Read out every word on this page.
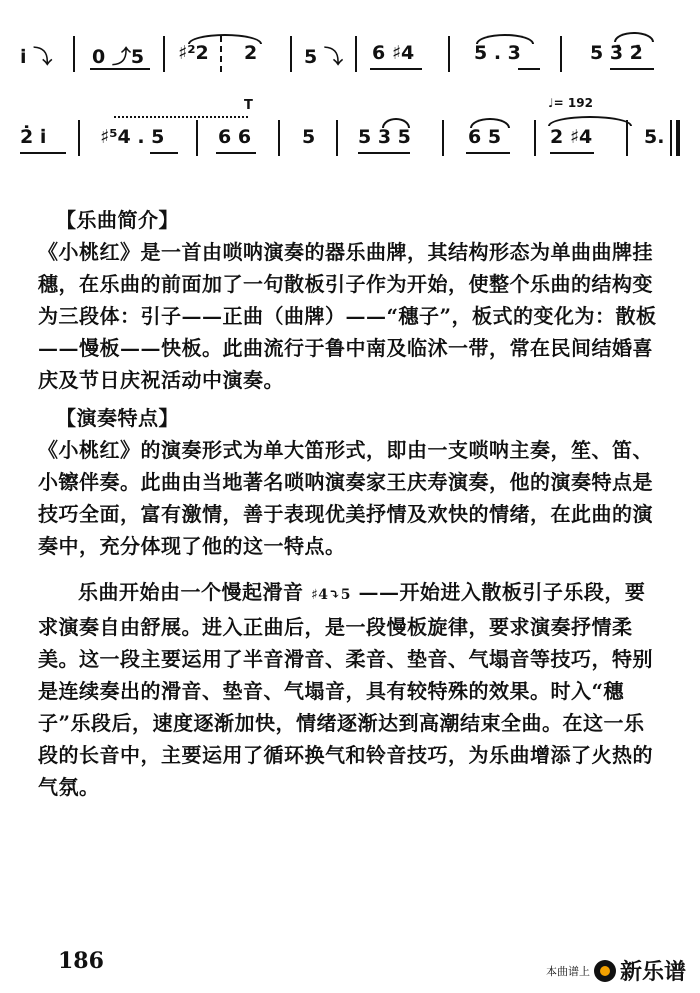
i̇ ⤵ 0 ⤴5 ♯²2 2 5 ⤵ 6 ♯4	5 . 3	5 3̇ 2̇
♩= 192
T
2̇ i̇	♯⁵4 . 5	6 6	5 5 3 5	6 5	2 ♯4	5.

【乐曲简介】

《小桃红》是一首由唢呐演奏的器乐曲牌，其结构形态为单曲曲牌挂穗，在乐曲的前面加了一句散板引子作为开始，使整个乐曲的结构变为三段体：引子——正曲（曲牌）——“穗子”，板式的变化为：散板——慢板——快板。此曲流行于鲁中南及临沭一带，常在民间结婚喜庆及节日庆祝活动中演奏。

【演奏特点】

《小桃红》的演奏形式为单大笛形式，即由一支唢呐主奏，笙、笛、小镲伴奏。此曲由当地著名唢呐演奏家王庆寿演奏，他的演奏特点是技巧全面，富有激情，善于表现优美抒情及欢快的情绪，在此曲的演奏中，充分体现了他的这一特点。

乐曲开始由一个慢起滑音 ♯4⤵5 ——开始进入散板引子乐段，要求演奏自由舒展。进入正曲后，是一段慢板旋律，要求演奏抒情柔美。这一段主要运用了半音滑音、柔音、垫音、气塌音等技巧，特别是连续奏出的滑音、垫音、气塌音，具有较特殊的效果。时入“穗子”乐段后，速度逐渐加快，情绪逐渐达到高潮结束全曲。在这一乐段的长音中，主要运用了循环换气和铃音技巧，为乐曲增添了火热的气氛。

186	本曲谱上 新乐谱
